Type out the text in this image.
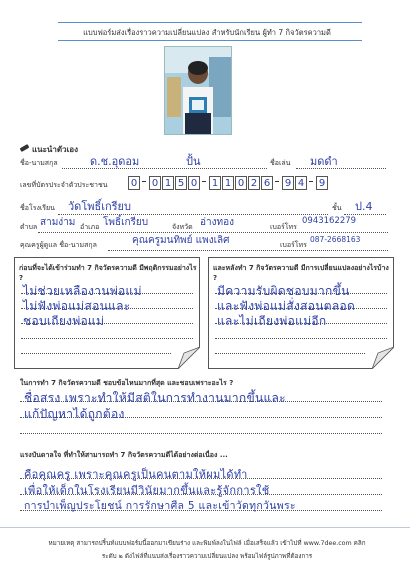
แบบฟอร์มส่งเรื่องราวความเปลี่ยนแปลง สำหรับนักเรียน ผู้ทำ 7 กิจวัตรความดี
แนะนำตัวเอง
ชื่อ-นามสกุล	ด.ช.อุดอม	ปั้น	ชื่อเล่น มดดำ
เลขที่บัตรประจำตัวประชาชน 0 0 1 5 0 1 1 0 2 6 9 4 9
ชื่อโรงเรียน วัดโพธิ์เกรียบ	ชั้น ป.4
ตำบล สามง่าม อำเภอ โพธิ์เกรียบ	จังหวัด อ่างทอง	เบอร์โทร
0943162279
คุณครูผู้ดูแล ชื่อ-นามสกุล	คุณครูมนทิพย์ แพงเลิศ	เบอร์โทร
087-2668163
ก่อนที่จะได้เข้าร่วมทำ 7 กิจวัตรความดี มีพฤติกรรมอย่างไร ?
ไม่ช่วยเหลืองานพ่อแม่
ไม่ฟังพ่อแม่สอนและ
ชอบเถียงพ่อแม่
และหลังทำ 7 กิจวัตรความดี มีการเปลี่ยนแปลงอย่างไรบ้าง ?
มีความรับผิดชอบมากขึ้น
และฟังพ่อแม่สั่งสอนตลอด
และไม่เถียงพ่อแม่อีก
ในการทำ 7 กิจวัตรความดี ชอบข้อไหนมากที่สุด และชอบเพราะอะไร ?
ชื่อสรง เพราะทำให้มีสติในการทำงานมากขึ้นและ
แก้ปัญหาได้ถูกต้อง
แรงบันดาลใจ ที่ทำให้สามารถทำ 7 กิจวัตรความดีได้อย่างต่อเนื่อง ...
คือคุณครู เพราะคุณครูเป็นคนตามให้ผมได้ทำ
เพื่อให้เด็กในโรงเรียนมีวินัยมากขึ้นและรู้จักการใช้
การบำเพ็ญประโยชน์ การรักษาศีล 5 และเข้าวัดทุกวันพระ
หมายเหตุ สามารถปริ้นท์แบบฟอร์มนี้ออกมาเขียนร่าง และพิมพ์ลงในไฟล์ เมื่อเสร็จแล้ว เข้าไปที่ www.7dee.com คลิก
ระดับ ๒ ดังไฟล์ที่แนบส่งเรื่องราวความเปลี่ยนแปลง พร้อมไฟล์รูปภาพที่ต้องการ
